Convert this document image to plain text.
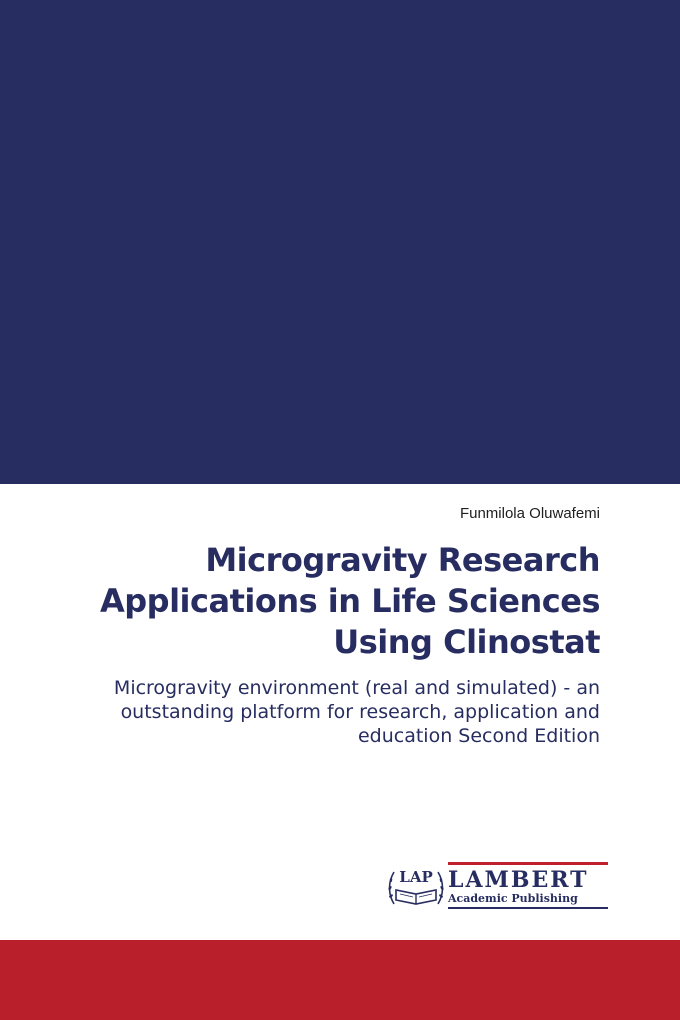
Funmilola Oluwafemi
Microgravity Research
Applications in Life Sciences
Using Clinostat
Microgravity environment (real and simulated) - an
outstanding platform for research, application and
education Second Edition
LAP LAMBERT
Academic Publishing
